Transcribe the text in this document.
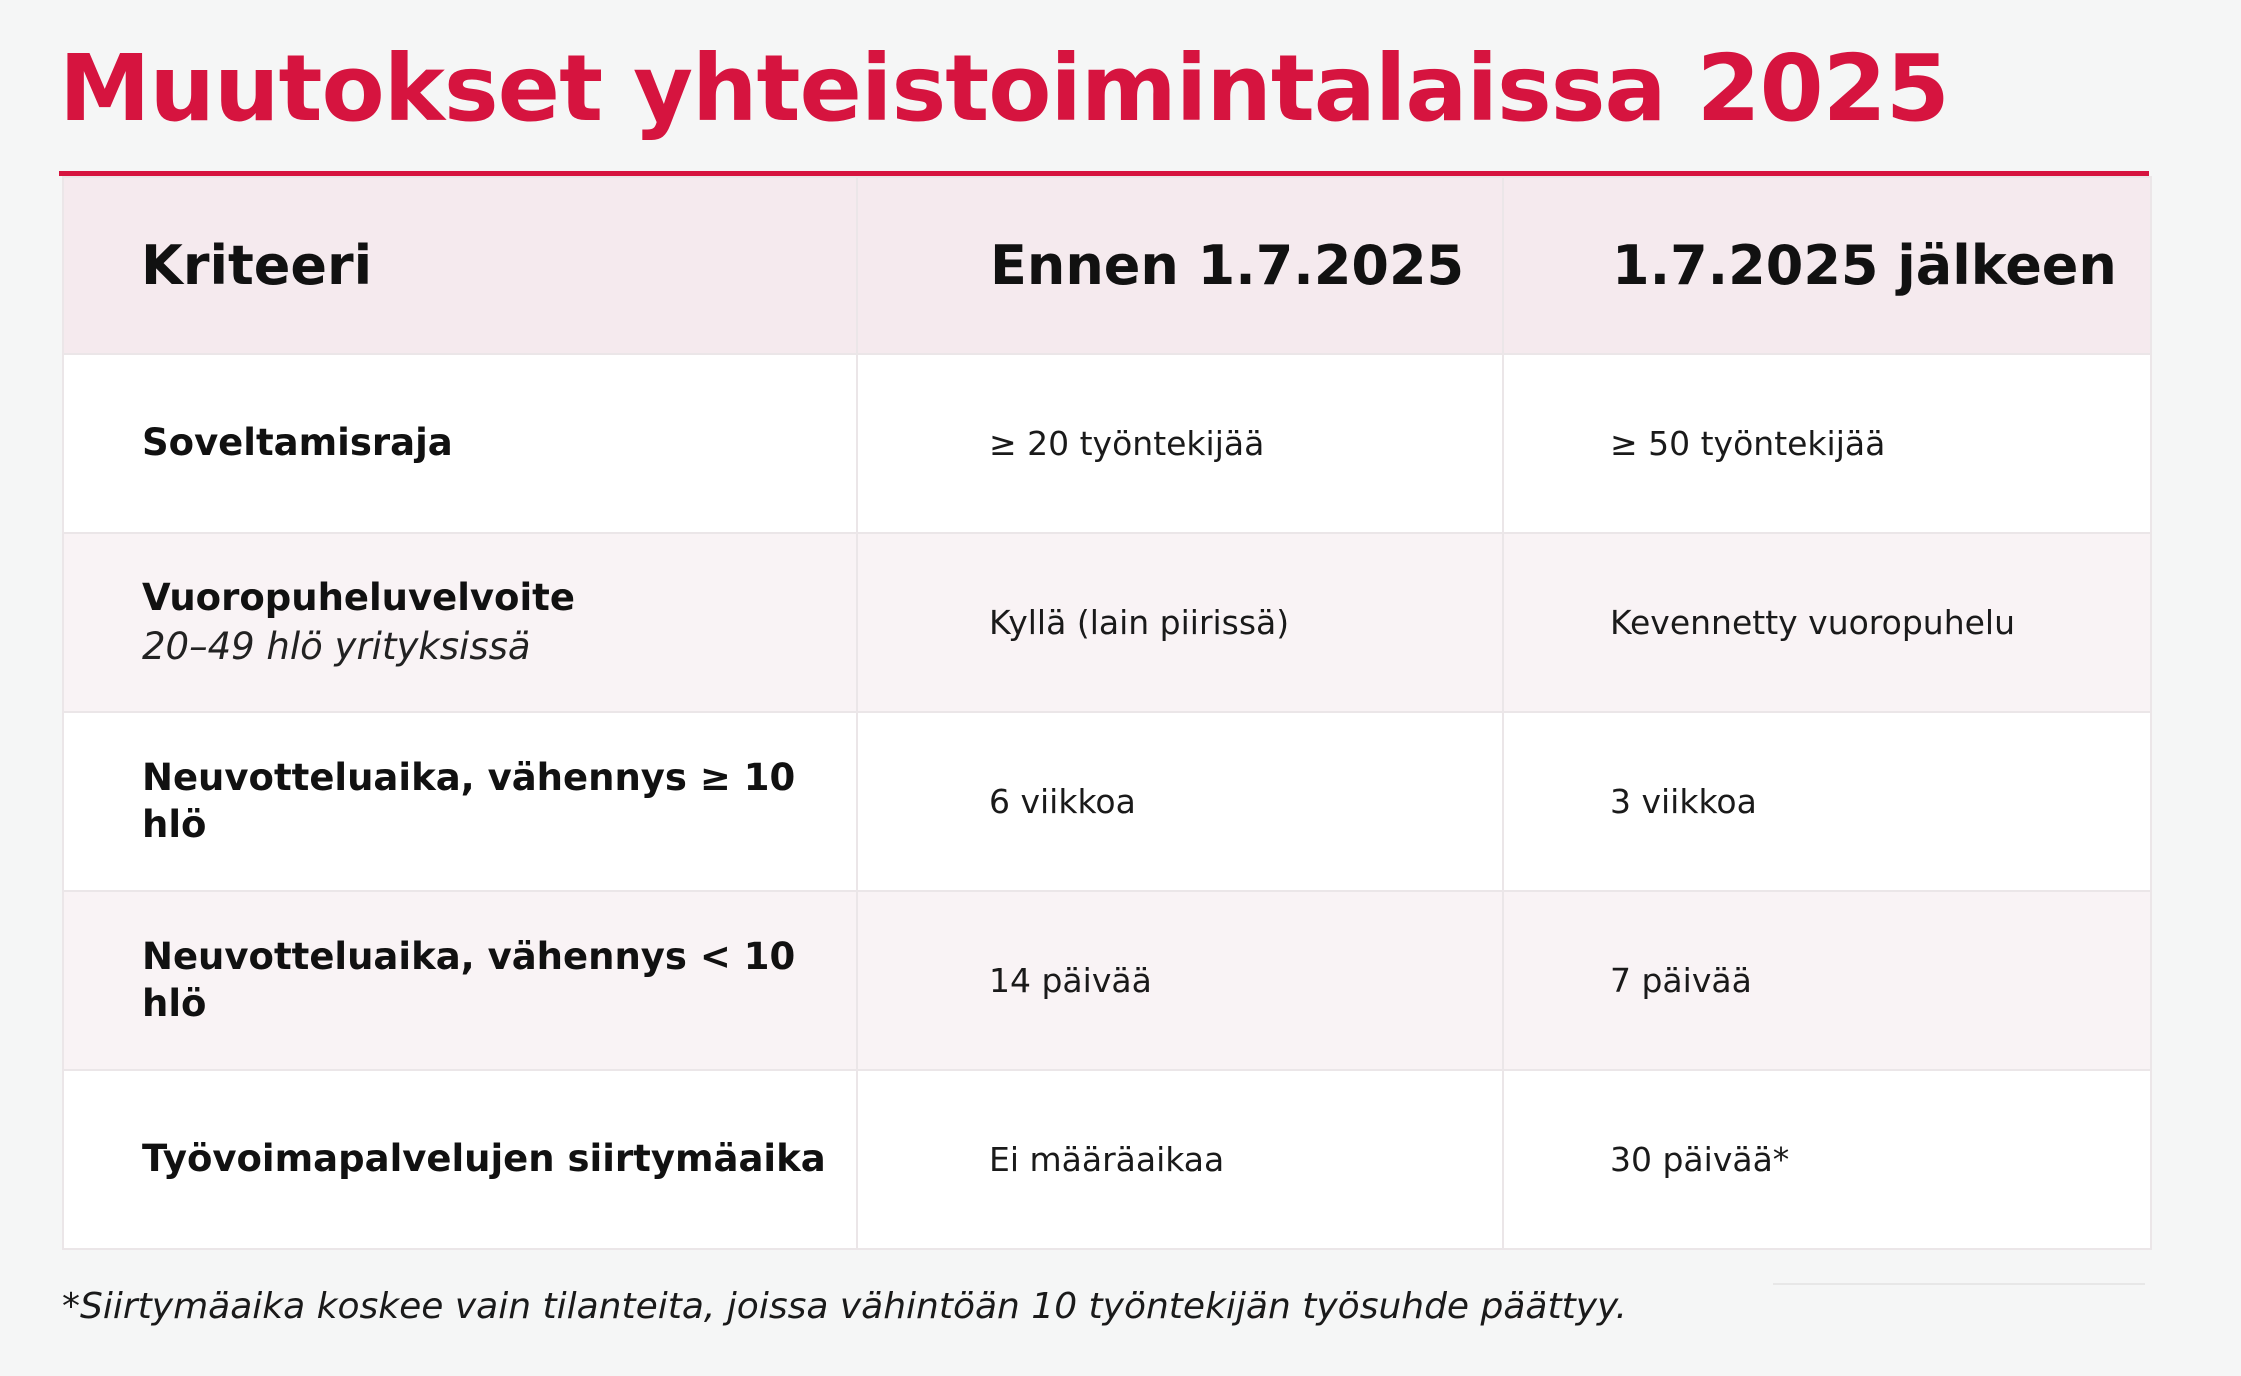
Muutokset yhteistoimintalaissa 2025
Kriteeri	Ennen 1.7.2025	1.7.2025 jälkeen
Soveltamisraja	≥ 20 työntekijää	≥ 50 työntekijää
Vuoropuheluvelvoite
20–49 hlö yrityksissä	Kyllä (lain piirissä)	Kevennetty vuoropuhelu
Neuvotteluaika, vähennys ≥ 10 hlö	6 viikkoa	3 viikkoa
Neuvotteluaika, vähennys < 10 hlö	14 päivää	7 päivää
Työvoimapalvelujen siirtymäaika	Ei määräaikaa	30 päivää*
*Siirtymäaika koskee vain tilanteita, joissa vähintöän 10 työntekijän työsuhde päättyy.
